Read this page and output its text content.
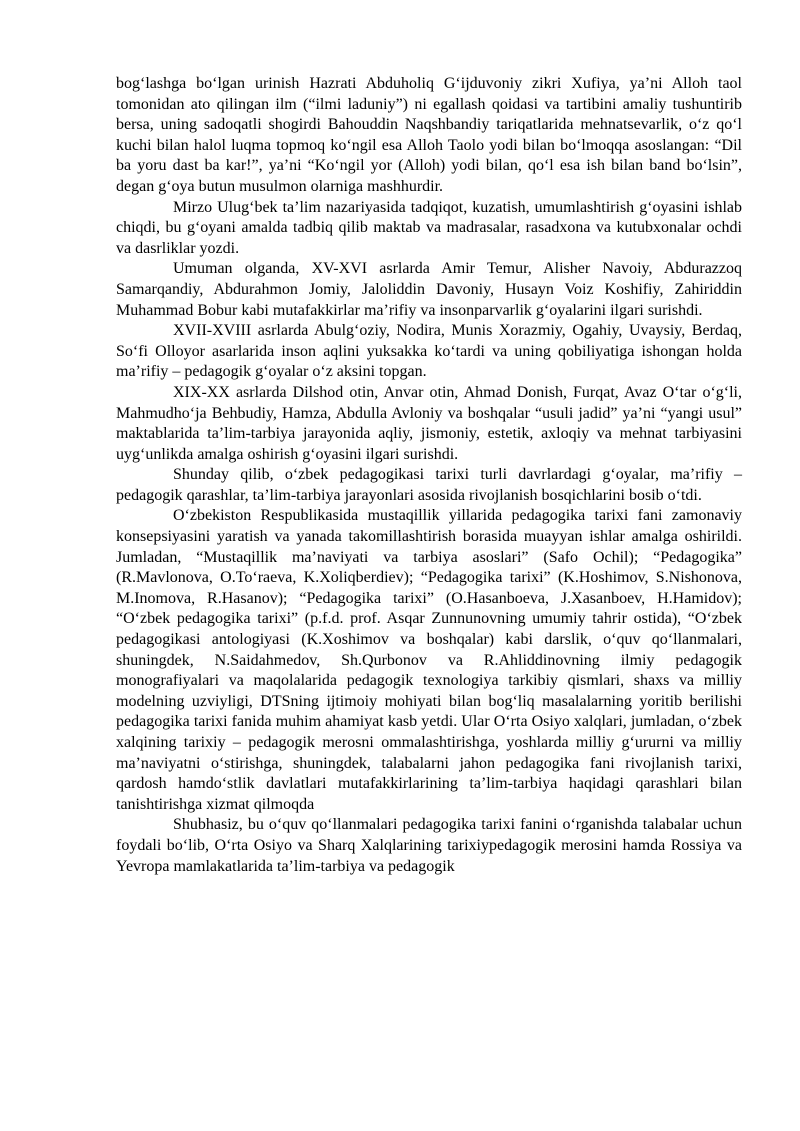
bog‘lashga bo‘lgan urinish Hazrati Abduholiq G‘ijduvoniy zikri Xufiya, ya’ni Alloh taol tomonidan ato qilingan ilm (“ilmi laduniy”) ni egallash qoidasi va tartibini amaliy tushuntirib bersa, uning sadoqatli shogirdi Bahouddin Naqshbandiy tariqatlarida mehnatsevarlik, o‘z qo‘l kuchi bilan halol luqma topmoq ko‘ngil esa Alloh Taolo yodi bilan bo‘lmoqqa asoslangan: “Dil ba yoru dast ba kar!”, ya’ni “Ko‘ngil yor (Alloh) yodi bilan, qo‘l esa ish bilan band bo‘lsin”, degan g‘oya butun musulmon olarniga mashhurdir.

Mirzo Ulug‘bek ta’lim nazariyasida tadqiqot, kuzatish, umumlashtirish g‘oyasini ishlab chiqdi, bu g‘oyani amalda tadbiq qilib maktab va madrasalar, rasadxona va kutubxonalar ochdi va dasrliklar yozdi.

Umuman olganda, XV-XVI asrlarda Amir Temur, Alisher Navoiy, Abdurazzoq Samarqandiy, Abdurahmon Jomiy, Jaloliddin Davoniy, Husayn Voiz Koshifiy, Zahiriddin Muhammad Bobur kabi mutafakkirlar ma’rifiy va insonparvarlik g‘oyalarini ilgari surishdi.

XVII-XVIII asrlarda Abulg‘oziy, Nodira, Munis Xorazmiy, Ogahiy, Uvaysiy, Berdaq, So‘fi Olloyor asarlarida inson aqlini yuksakka ko‘tardi va uning qobiliyatiga ishongan holda ma’rifiy – pedagogik g‘oyalar o‘z aksini topgan.

XIX-XX asrlarda Dilshod otin, Anvar otin, Ahmad Donish, Furqat, Avaz O‘tar o‘g‘li, Mahmudho‘ja Behbudiy, Hamza, Abdulla Avloniy va boshqalar “usuli jadid” ya’ni “yangi usul” maktablarida ta’lim-tarbiya jarayonida aqliy, jismoniy, estetik, axloqiy va mehnat tarbiyasini uyg‘unlikda amalga oshirish g‘oyasini ilgari surishdi.

Shunday qilib, o‘zbek pedagogikasi tarixi turli davrlardagi g‘oyalar, ma’rifiy – pedagogik qarashlar, ta’lim-tarbiya jarayonlari asosida rivojlanish bosqichlarini bosib o‘tdi.

O‘zbekiston Respublikasida mustaqillik yillarida pedagogika tarixi fani zamonaviy konsepsiyasini yaratish va yanada takomillashtirish borasida muayyan ishlar amalga oshirildi. Jumladan, “Mustaqillik ma’naviyati va tarbiya asoslari” (Safo Ochil); “Pedagogika” (R.Mavlonova, O.To‘raeva, K.Xoliqberdiev); “Pedagogika tarixi” (K.Hoshimov, S.Nishonova, M.Inomova, R.Hasanov); “Pedagogika tarixi” (O.Hasanboeva, J.Xasanboev, H.Hamidov); “O‘zbek pedagogika tarixi” (p.f.d. prof. Asqar Zunnunovning umumiy tahrir ostida), “O‘zbek pedagogikasi antologiyasi (K.Xoshimov va boshqalar) kabi darslik, o‘quv qo‘llanmalari, shuningdek, N.Saidahmedov, Sh.Qurbonov va R.Ahliddinovning ilmiy pedagogik monografiyalari va maqolalarida pedagogik texnologiya tarkibiy qismlari, shaxs va milliy modelning uzviyligi, DTSning ijtimoiy mohiyati bilan bog‘liq masalalarning yoritib berilishi pedagogika tarixi fanida muhim ahamiyat kasb yetdi. Ular O‘rta Osiyo xalqlari, jumladan, o‘zbek xalqining tarixiy – pedagogik merosni ommalashtirishga, yoshlarda milliy g‘ururni va milliy ma’naviyatni o‘stirishga, shuningdek, talabalarni jahon pedagogika fani rivojlanish tarixi, qardosh hamdo‘stlik davlatlari mutafakkirlarining ta’lim-tarbiya haqidagi qarashlari bilan tanishtirishga xizmat qilmoqda

Shubhasiz, bu o‘quv qo‘llanmalari pedagogika tarixi fanini o‘rganishda talabalar uchun foydali bo‘lib, O‘rta Osiyo va Sharq Xalqlarining tarixiypedagogik merosini hamda Rossiya va Yevropa mamlakatlarida ta’lim-tarbiya va pedagogik
